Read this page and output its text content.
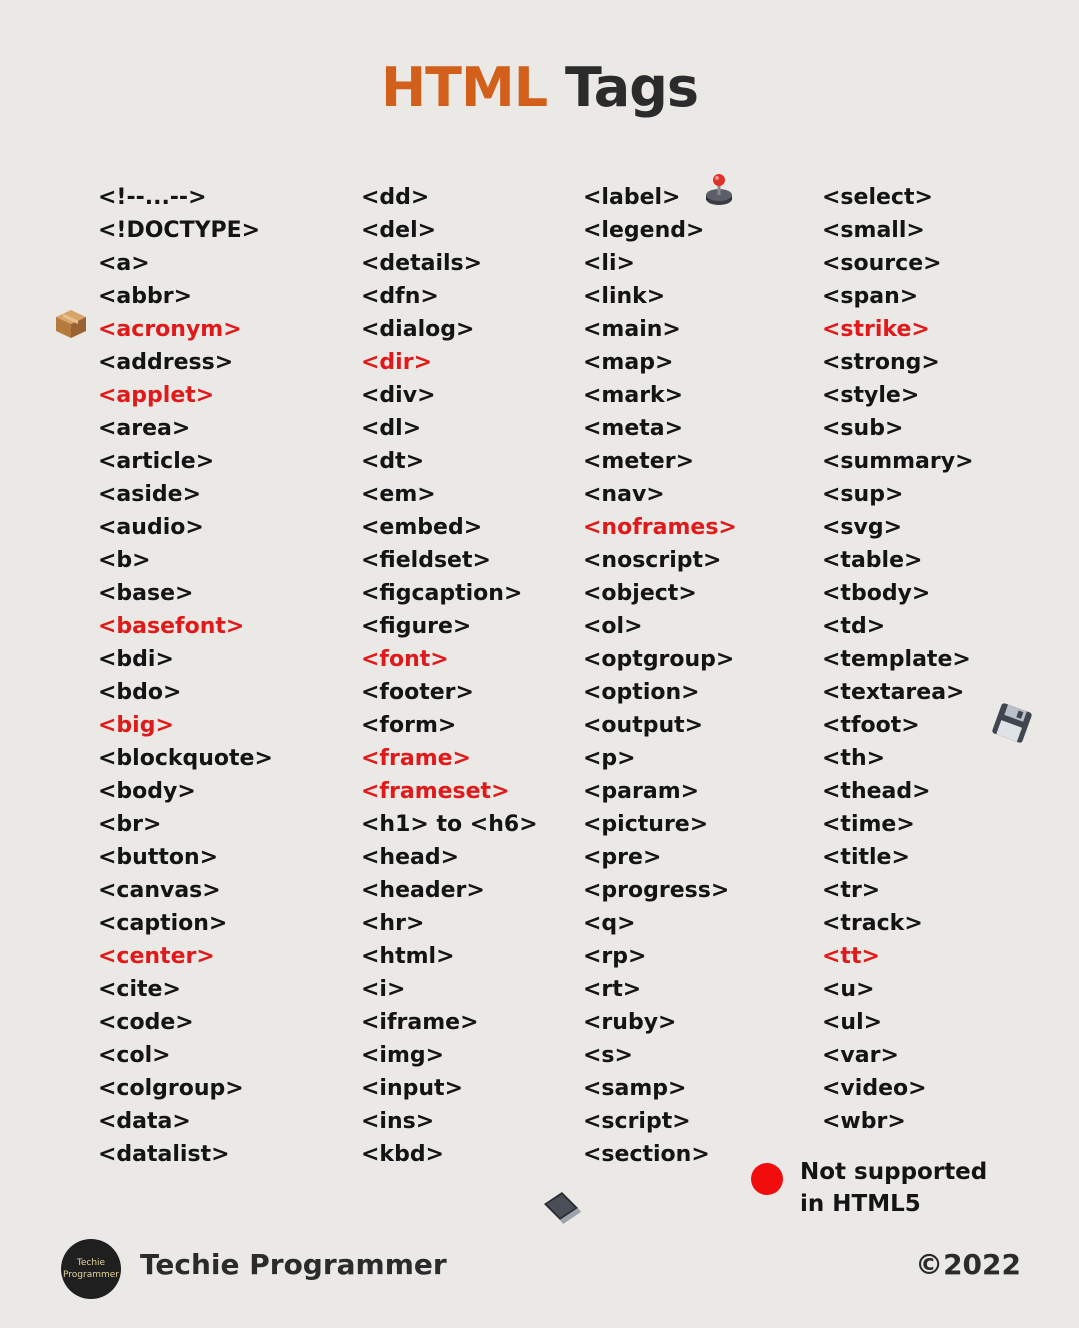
HTML Tags
<!--...-->
<!DOCTYPE>
<a>
<abbr>
<acronym>
<address>
<applet>
<area>
<article>
<aside>
<audio>
<b>
<base>
<basefont>
<bdi>
<bdo>
<big>
<blockquote>
<body>
<br>
<button>
<canvas>
<caption>
<center>
<cite>
<code>
<col>
<colgroup>
<data>
<datalist>
<dd>
<del>
<details>
<dfn>
<dialog>
<dir>
<div>
<dl>
<dt>
<em>
<embed>
<fieldset>
<figcaption>
<figure>
<font>
<footer>
<form>
<frame>
<frameset>
<h1> to <h6>
<head>
<header>
<hr>
<html>
<i>
<iframe>
<img>
<input>
<ins>
<kbd>
<label>
<legend>
<li>
<link>
<main>
<map>
<mark>
<meta>
<meter>
<nav>
<noframes>
<noscript>
<object>
<ol>
<optgroup>
<option>
<output>
<p>
<param>
<picture>
<pre>
<progress>
<q>
<rp>
<rt>
<ruby>
<s>
<samp>
<script>
<section>
<select>
<small>
<source>
<span>
<strike>
<strong>
<style>
<sub>
<summary>
<sup>
<svg>
<table>
<tbody>
<td>
<template>
<textarea>
<tfoot>
<th>
<thead>
<time>
<title>
<tr>
<track>
<tt>
<u>
<ul>
<var>
<video>
<wbr>
Not supported
in HTML5
Techie
Programmer Techie Programmer	©2022
